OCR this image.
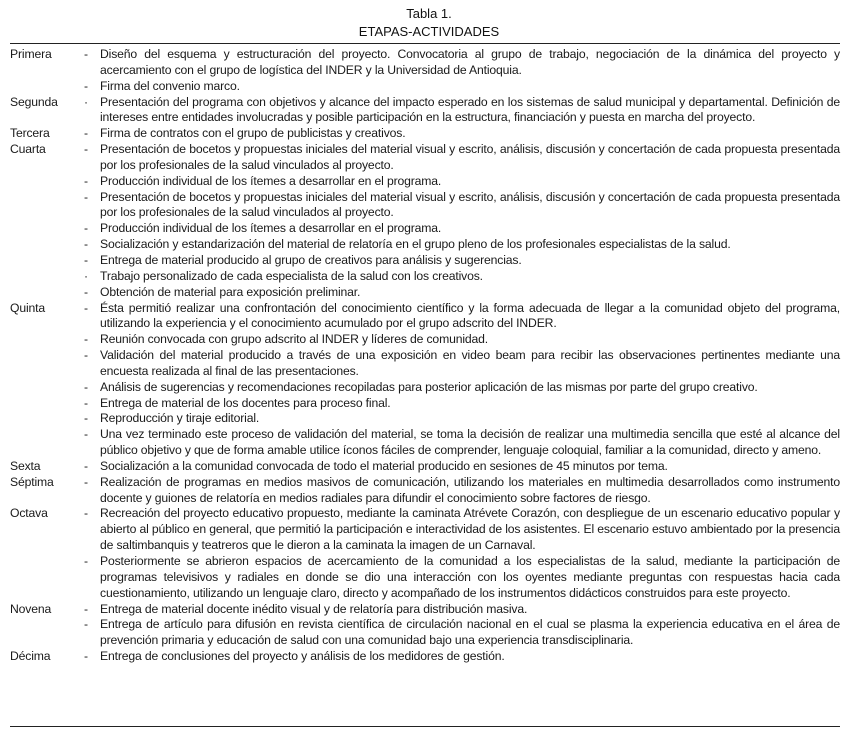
Tabla 1.
ETAPAS-ACTIVIDADES
Primera	- Diseño del esquema y estructuración del proyecto. Convocatoria al grupo de trabajo, negociación de la dinámica del proyecto y acercamiento con el grupo de logística del INDER y la Universidad de Antioquia.
- Firma del convenio marco.
Segunda	· Presentación del programa con objetivos y alcance del impacto esperado en los sistemas de salud municipal y departamental. Definición de intereses entre entidades involucradas y posible participación en la estructura, financiación y puesta en marcha del proyecto.
Tercera	- Firma de contratos con el grupo de publicistas y creativos.
Cuarta	- Presentación de bocetos y propuestas iniciales del material visual y escrito, análisis, discusión y concertación de cada propuesta presentada por los profesionales de la salud vinculados al proyecto.
- Producción individual de los ítemes a desarrollar en el programa.
- Presentación de bocetos y propuestas iniciales del material visual y escrito, análisis, discusión y concertación de cada propuesta presentada por los profesionales de la salud vinculados al proyecto.
- Producción individual de los ítemes a desarrollar en el programa.
- Socialización y estandarización del material de relatoría en el grupo pleno de los profesionales especialistas de la salud.
- Entrega de material producido al grupo de creativos para análisis y sugerencias.
· Trabajo personalizado de cada especialista de la salud con los creativos.
- Obtención de material para exposición preliminar.
Quinta	- Ésta permitió realizar una confrontación del conocimiento científico y la forma adecuada de llegar a la comunidad objeto del programa, utilizando la experiencia y el conocimiento acumulado por el grupo adscrito del INDER.
- Reunión convocada con grupo adscrito al INDER y líderes de comunidad.
- Validación del material producido a través de una exposición en video beam para recibir las observaciones pertinentes mediante una encuesta realizada al final de las presentaciones.
- Análisis de sugerencias y recomendaciones recopiladas para posterior aplicación de las mismas por parte del grupo creativo.
- Entrega de material de los docentes para proceso final.
- Reproducción y tiraje editorial.
- Una vez terminado este proceso de validación del material, se toma la decisión de realizar una multimedia sencilla que esté al alcance del público objetivo y que de forma amable utilice íconos fáciles de comprender, lenguaje coloquial, familiar a la comunidad, directo y ameno.
Sexta	- Socialización a la comunidad convocada de todo el material producido en sesiones de 45 minutos por tema.
Séptima	- Realización de programas en medios masivos de comunicación, utilizando los materiales en multimedia desarrollados como instrumento docente y guiones de relatoría en medios radiales para difundir el conocimiento sobre factores de riesgo.
Octava	- Recreación del proyecto educativo propuesto, mediante la caminata Atrévete Corazón, con despliegue de un escenario educativo popular y abierto al público en general, que permitió la participación e interactividad de los asistentes. El escenario estuvo ambientado por la presencia de saltimbanquis y teatreros que le dieron a la caminata la imagen de un Carnaval.
- Posteriormente se abrieron espacios de acercamiento de la comunidad a los especialistas de la salud, mediante la participación de programas televisivos y radiales en donde se dio una interacción con los oyentes mediante preguntas con respuestas hacia cada cuestionamiento, utilizando un lenguaje claro, directo y acompañado de los instrumentos didácticos construidos para este proyecto.
Novena	- Entrega de material docente inédito visual y de relatoría para distribución masiva.
- Entrega de artículo para difusión en revista científica de circulación nacional en el cual se plasma la experiencia educativa en el área de prevención primaria y educación de salud con una comunidad bajo una experiencia transdisciplinaria.
Décima	- Entrega de conclusiones del proyecto y análisis de los medidores de gestión.
